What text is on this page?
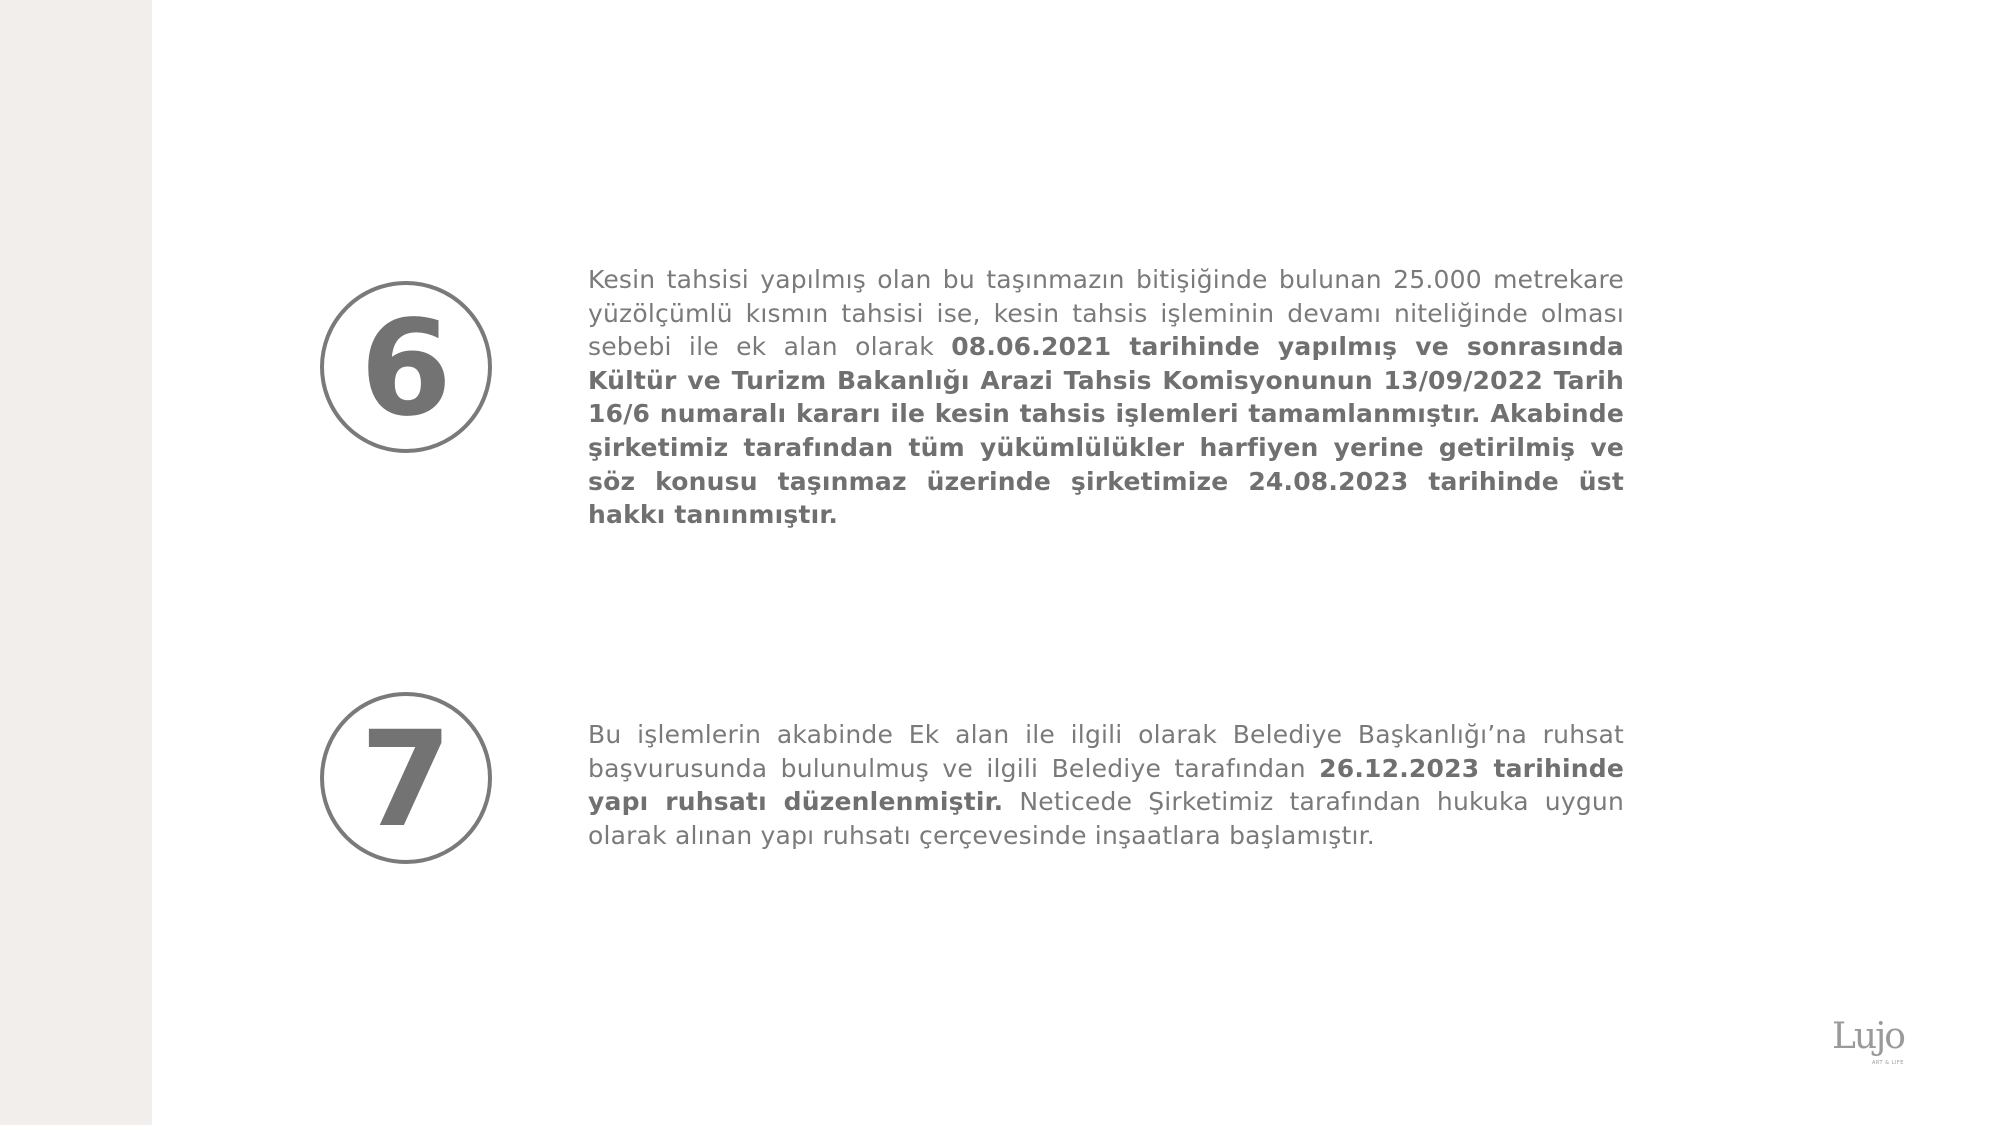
6
Kesin tahsisi yapılmış olan bu taşınmazın bitişiğinde bulunan 25.000 metrekare yüzölçümlü kısmın tahsisi ise, kesin tahsis işleminin devamı niteliğinde olması sebebi ile ek alan olarak 08.06.2021 tarihinde yapılmış ve sonrasında Kültür ve Turizm Bakanlığı Arazi Tahsis Komisyonunun 13/09/2022 Tarih 16/6 numaralı kararı ile kesin tahsis işlemleri tamamlanmıştır. Akabinde şirketimiz tarafından tüm yükümlülükler harfiyen yerine getirilmiş ve söz konusu taşınmaz üzerinde şirketimize 24.08.2023 tarihinde üst hakkı tanınmıştır.
7	Bu işlemlerin akabinde Ek alan ile ilgili olarak Belediye Başkanlığı’na ruhsat başvurusunda bulunulmuş ve ilgili Belediye tarafından 26.12.2023 tarihinde yapı ruhsatı düzenlenmiştir. Neticede Şirketimiz tarafından hukuka uygun olarak alınan yapı ruhsatı çerçevesinde inşaatlara başlamıştır.
Lujo
ART & LIFE
